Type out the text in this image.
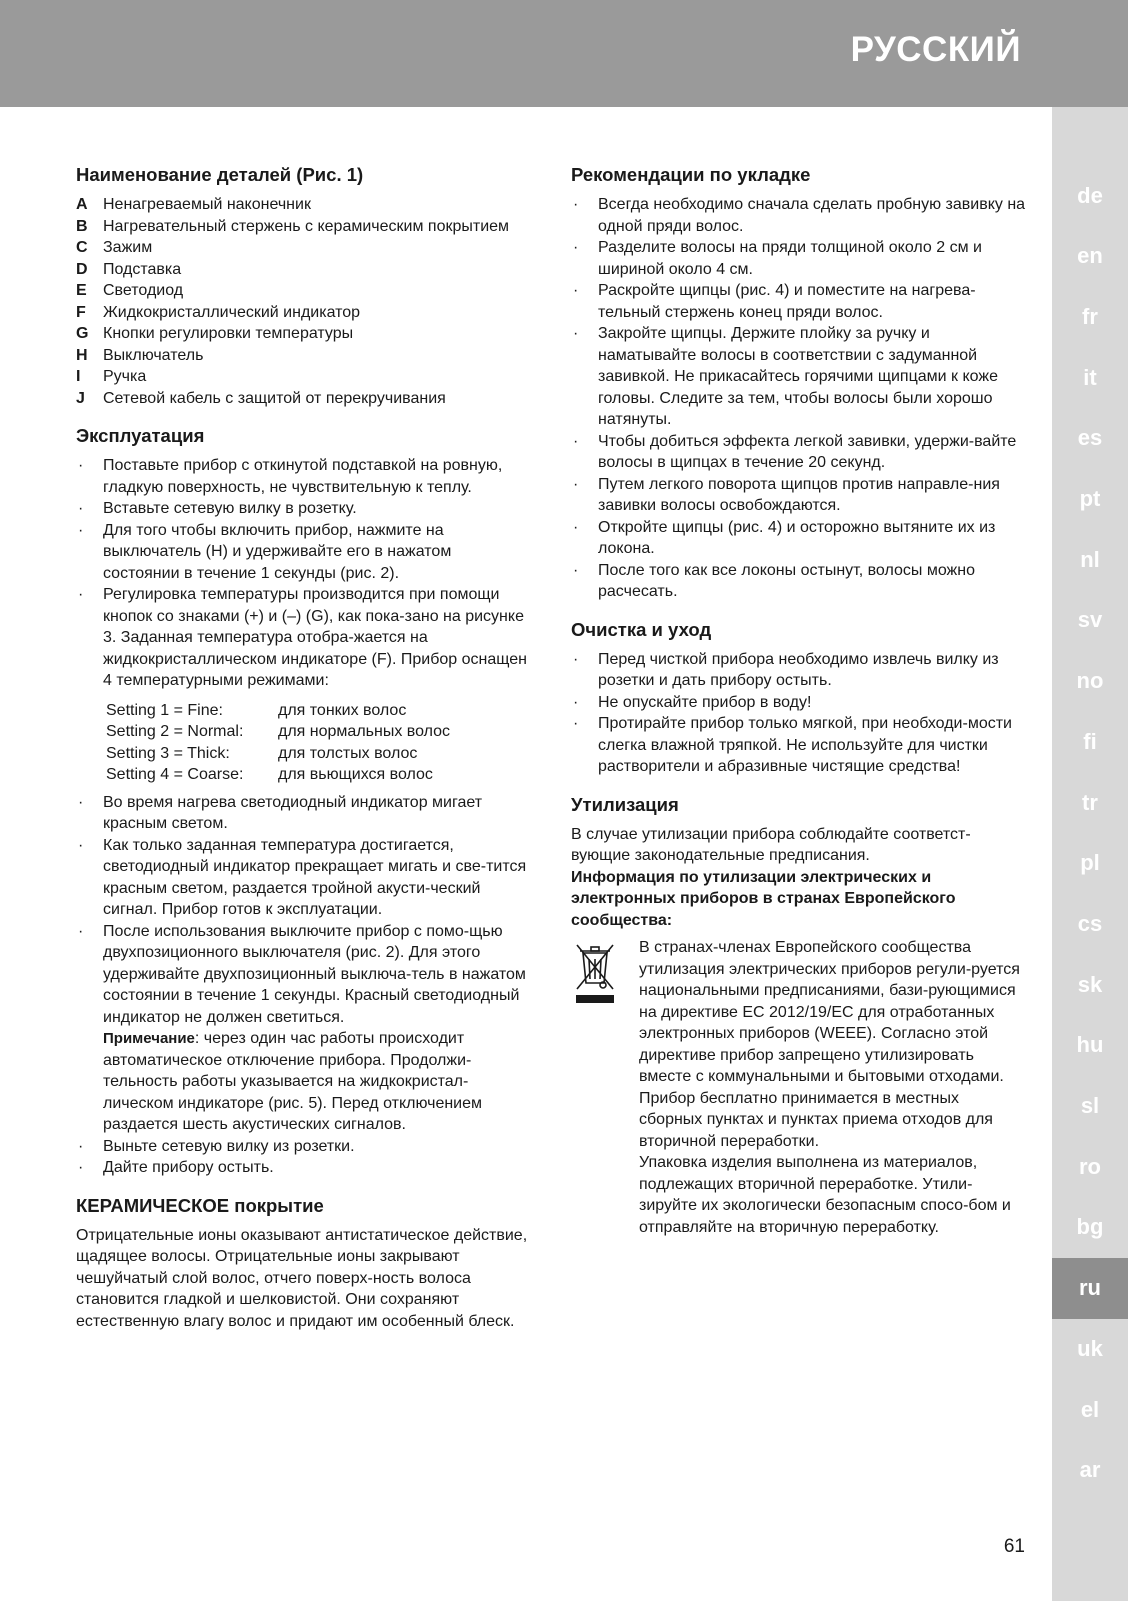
РУССКИЙ
de
en
fr
it
es
pt
nl
sv
no
fi
tr
pl
cs
sk
hu
sl
ro
bg
ru
uk
el
ar
Наименование деталей (Рис. 1)
A Ненагреваемый наконечник
B Нагревательный стержень с керамическим покрытием
C Зажим
D Подставка
E	Светодиод
F	Жидкокристаллический индикатор
G Кнопки регулировки температуры
H Выключатель
I	Ручка
J	Сетевой кабель с защитой от перекручивания
Эксплуатация
· Поставьте прибор с откинутой подставкой на ровную, гладкую поверхность, не чувствительную к теплу.
· Вставьте сетевую вилку в розетку.
· Для того чтобы включить прибор, нажмите на выключатель (H) и удерживайте его в нажатом состоянии в течение 1 секунды (рис. 2).
· Регулировка температуры производится при помощи кнопок со знаками (+) и (–) (G), как пока-зано на рисунке 3. Заданная температура отобра-жается на жидкокристаллическом индикаторе (F). Прибор оснащен 4 температурными режимами:
Setting 1 = Fine:	для тонких волос
Setting 2 = Normal:	для нормальных волос
Setting 3 = Thick:	для толстых волос
Setting 4 = Coarse:	для вьющихся волос
· Во время нагрева светодиодный индикатор мигает красным светом.
· Как только заданная температура достигается, светодиодный индикатор прекращает мигать и све-тится красным светом, раздается тройной акусти-ческий сигнал. Прибор готов к эксплуатации.
· После использования выключите прибор с помо-щью двухпозиционного выключателя (рис. 2). Для этого удерживайте двухпозиционный выключа-тель в нажатом состоянии в течение 1 секунды. Красный светодиодный индикатор не должен светиться.

Примечание: через один час работы происходит автоматическое отключение прибора. Продолжи-тельность работы указывается на жидкокристал-лическом индикаторе (рис. 5). Перед отключением раздается шесть акустических сигналов.

· Выньте сетевую вилку из розетки.
· Дайте прибору остыть.
КЕРАМИЧЕСКОЕ покрытие

Отрицательные ионы оказывают антистатическое действие, щадящее волосы. Отрицательные ионы закрывают чешуйчатый слой волос, отчего поверх-ность волоса становится гладкой и шелковистой. Они сохраняют естественную влагу волос и придают им особенный блеск.

Рекомендации по укладке
· Всегда необходимо сначала сделать пробную завивку на одной пряди волос.
· Разделите волосы на пряди толщиной около 2 см и шириной около 4 см.
· Раскройте щипцы (рис. 4) и поместите на нагрева-тельный стержень конец пряди волос.
· Закройте щипцы. Держите плойку за ручку и наматывайте волосы в соответствии с задуманной завивкой. Не прикасайтесь горячими щипцами к коже головы. Следите за тем, чтобы волосы были хорошо натянуты.
· Чтобы добиться эффекта легкой завивки, удержи-вайте волосы в щипцах в течение 20 секунд.
· Путем легкого поворота щипцов против направле-ния завивки волосы освобождаются.
· Откройте щипцы (рис. 4) и осторожно вытяните их из локона.
· После того как все локоны остынут, волосы можно расчесать.
Очистка и уход
· Перед чисткой прибора необходимо извлечь вилку из розетки и дать прибору остыть.
· Не опускайте прибор в воду!
· Протирайте прибор только мягкой, при необходи-мости слегка влажной тряпкой. Не используйте для чистки растворители и абразивные чистящие средства!
Утилизация

В случае утилизации прибора соблюдайте соответст-вующие законодательные предписания.

Информация по утилизации электрических и электронных приборов в странах Европейского сообщества:

В странах-членах Европейского сообщества утилизация электрических приборов регули-руется национальными предписаниями, бази-рующимися на директиве ЕС 2012/19/ЕС для отработанных электронных приборов (WEEE). Согласно этой директиве прибор запрещено утилизировать вместе с коммунальными и бытовыми отходами.

Прибор бесплатно принимается в местных сборных пунктах и пунктах приема отходов для вторичной переработки.

Упаковка изделия выполнена из материалов, подлежащих вторичной переработке. Утили-зируйте их экологически безопасным спосо-бом и отправляйте на вторичную переработку.

61
